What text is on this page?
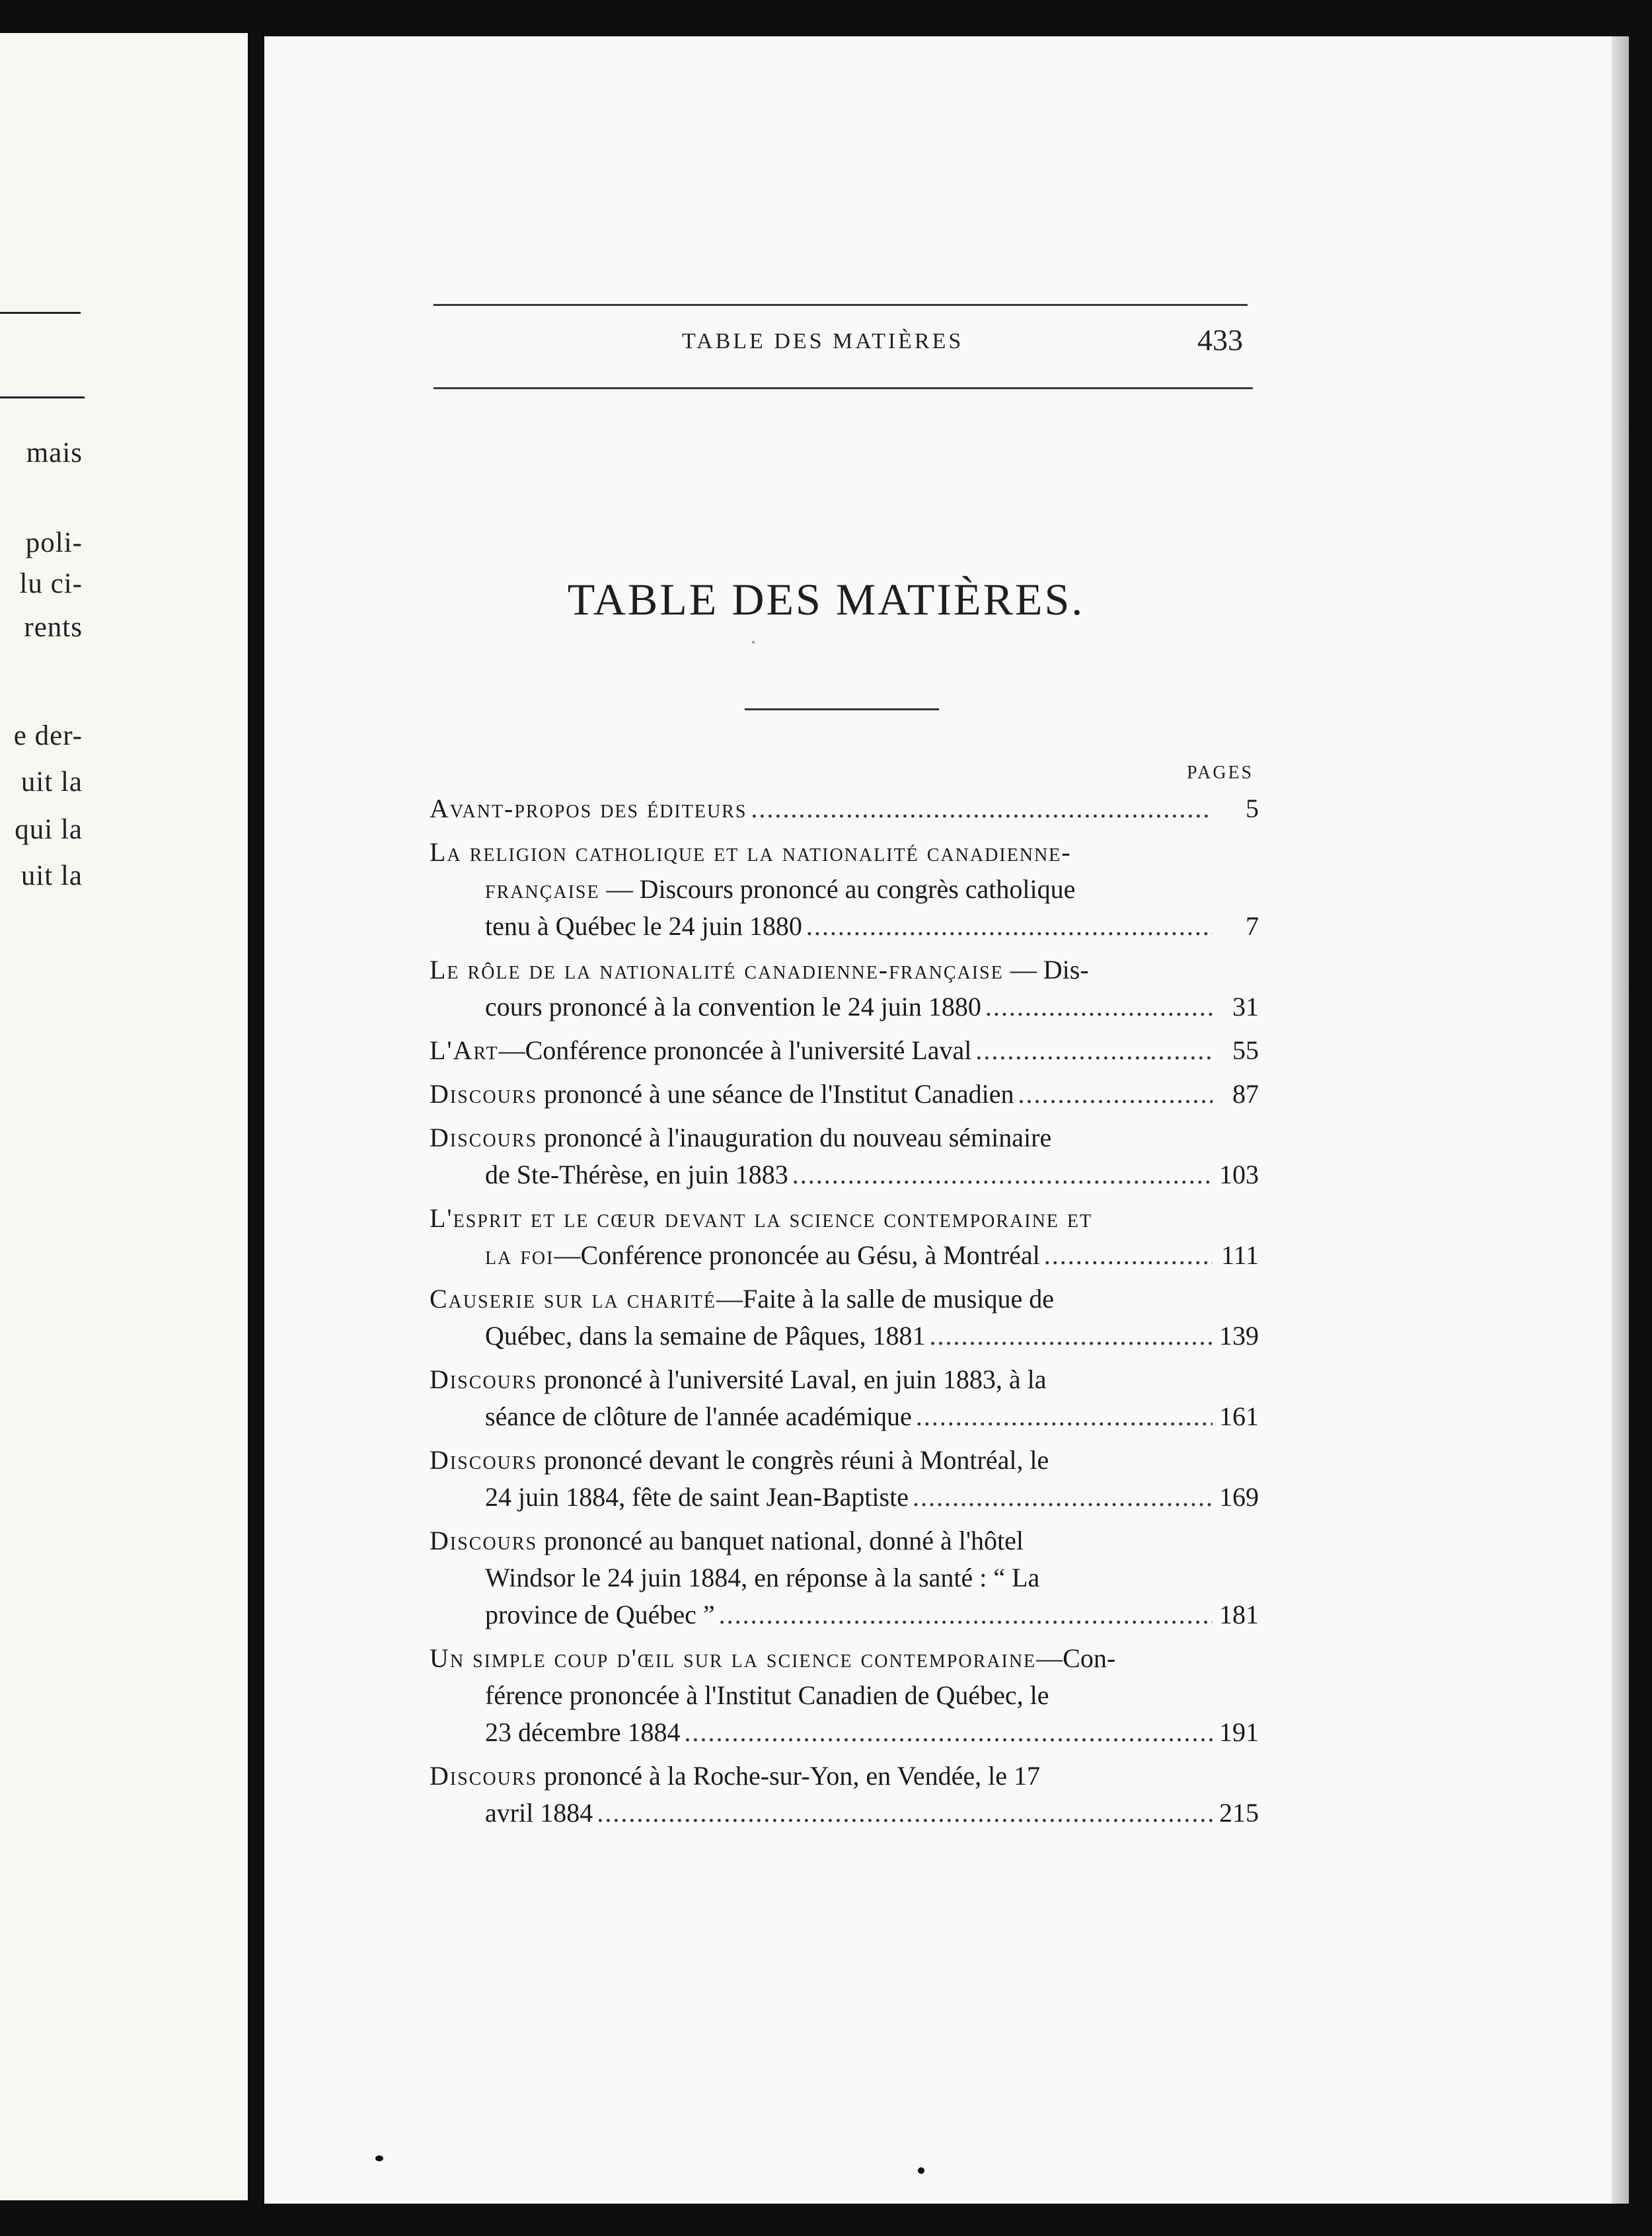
mais
poli-
lu ci-
rents
e der-
uit la
qui la
uit la
TABLE DES MATIÈRES	433
TABLE DES MATIÈRES.
PAGES
Avant-propos des éditeurs .....	5
La religion catholique et la nationalité canadienne-
française — Discours prononcé au congrès catholique
tenu à Québec le 24 juin 1880 .....	7
Le rôle de la nationalité canadienne-française — Dis-
cours prononcé à la convention le 24 juin 1880 .....	31
L'Art—Conférence prononcée à l'université Laval .....	55
Discours prononcé à une séance de l'Institut Canadien .....	87
Discours prononcé à l'inauguration du nouveau séminaire
de Ste-Thérèse, en juin 1883 .....	103
L'esprit et le cœur devant la science contemporaine et
la foi—Conférence prononcée au Gésu, à Montréal .....	111
Causerie sur la charité—Faite à la salle de musique de
Québec, dans la semaine de Pâques, 1881 .....	139
Discours prononcé à l'université Laval, en juin 1883, à la
séance de clôture de l'année académique .....	161
Discours prononcé devant le congrès réuni à Montréal, le
24 juin 1884, fête de saint Jean-Baptiste .....	169
Discours prononcé au banquet national, donné à l'hôtel
Windsor le 24 juin 1884, en réponse à la santé : “ La
province de Québec ” .....	181
Un simple coup d'œil sur la science contemporaine—Con-
férence prononcée à l'Institut Canadien de Québec, le
23 décembre 1884 .....	191
Discours prononcé à la Roche-sur-Yon, en Vendée, le 17
avril 1884 .....	215
